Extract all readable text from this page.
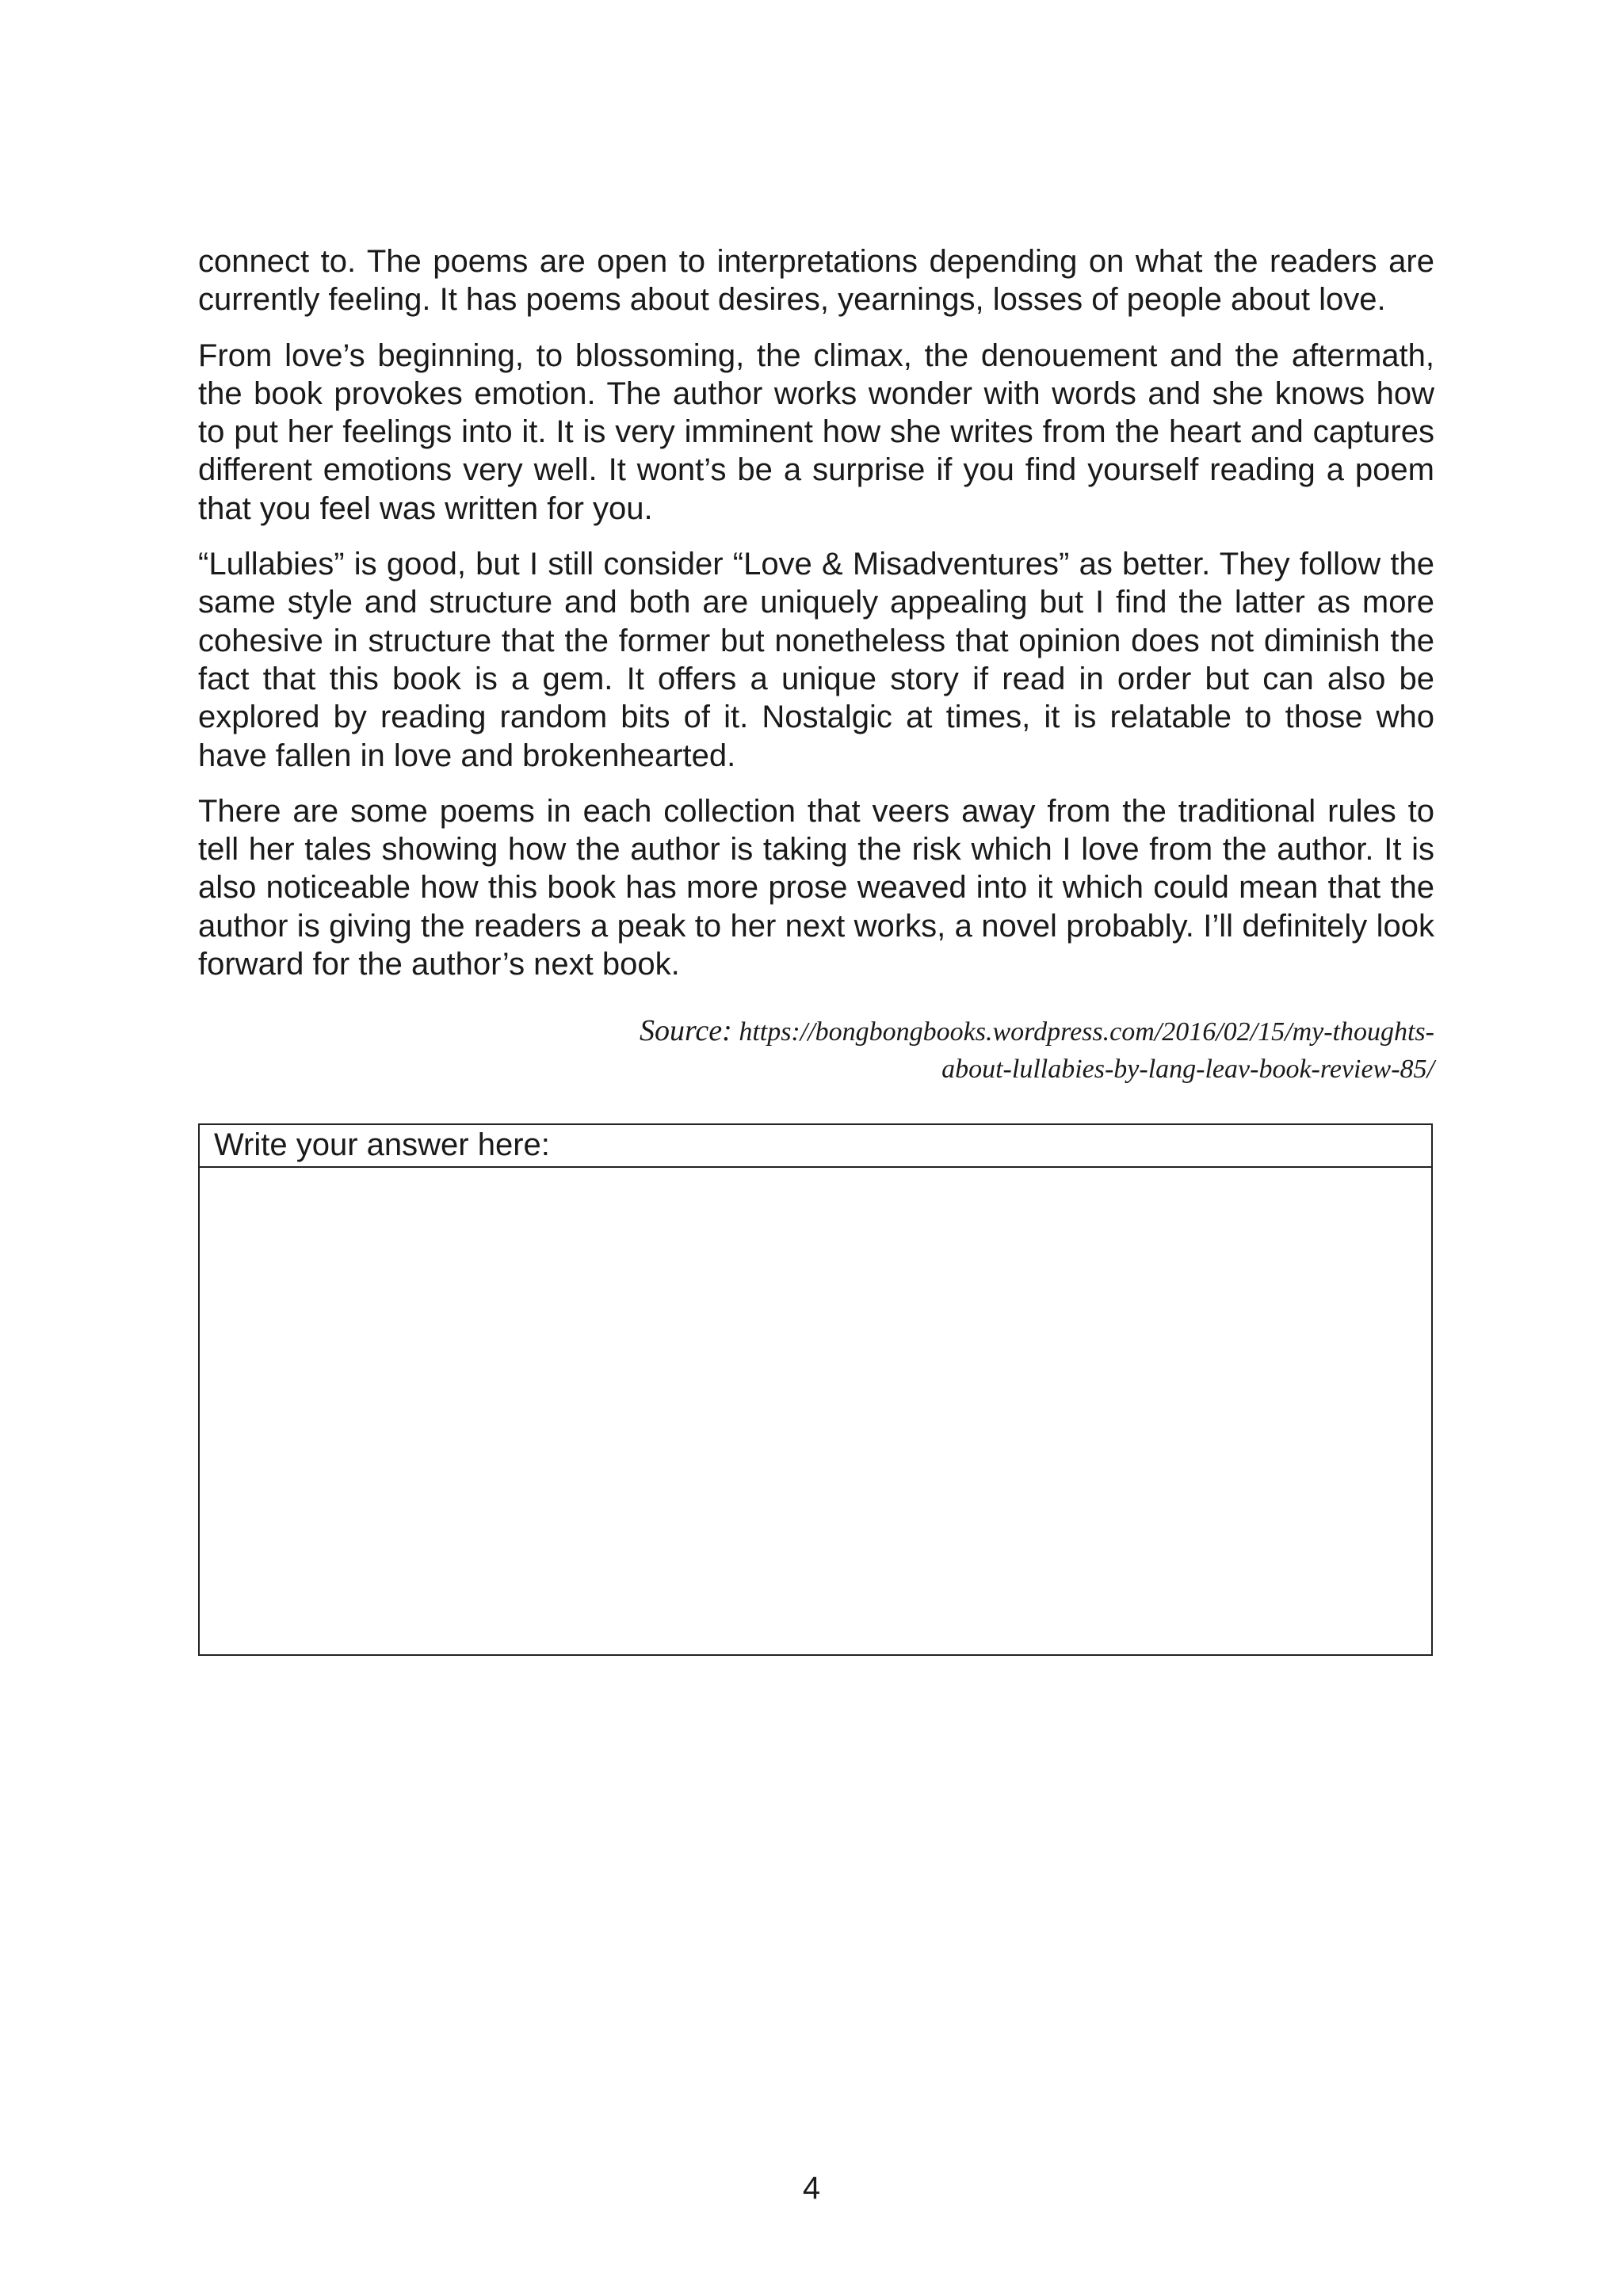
connect to. The poems are open to interpretations depending on what the readers are currently feeling. It has poems about desires, yearnings, losses of people about love.

From love’s beginning, to blossoming, the climax, the denouement and the aftermath, the book provokes emotion. The author works wonder with words and she knows how to put her feelings into it. It is very imminent how she writes from the heart and captures different emotions very well. It wont’s be a surprise if you find yourself reading a poem that you feel was written for you.

“Lullabies” is good, but I still consider “Love & Misadventures” as better. They follow the same style and structure and both are uniquely appealing but I find the latter as more cohesive in structure that the former but nonetheless that opinion does not diminish the fact that this book is a gem. It offers a unique story if read in order but can also be explored by reading random bits of it. Nostalgic at times, it is relatable to those who have fallen in love and brokenhearted.

There are some poems in each collection that veers away from the traditional rules to tell her tales showing how the author is taking the risk which I love from the author. It is also noticeable how this book has more prose weaved into it which could mean that the author is giving the readers a peak to her next works, a novel probably. I’ll definitely look forward for the author’s next book.

Source: https://bongbongbooks.wordpress.com/2016/02/15/my-thoughts-
about-lullabies-by-lang-leav-book-review-85/
Write your answer here:
4
